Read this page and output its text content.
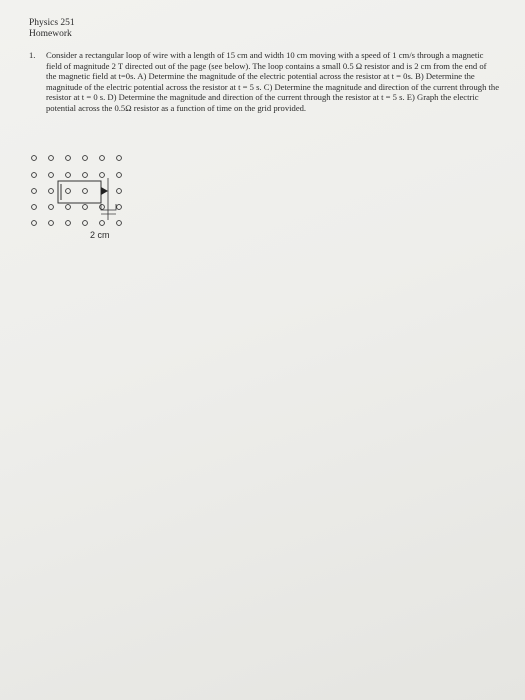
Physics 251
Homework
1. Consider a rectangular loop of wire with a length of 15 cm and width 10 cm moving with a speed of 1 cm/s through a magnetic field of magnitude 2 T directed out of the page (see below). The loop contains a small 0.5 Ω resistor and is 2 cm from the end of the magnetic field at t=0s. A) Determine the magnitude of the electric potential across the resistor at t = 0s. B) Determine the magnitude of the electric potential across the resistor at t = 5 s. C) Determine the magnitude and direction of the current through the resistor at t = 0 s. D) Determine the magnitude and direction of the current through the resistor at t = 5 s. E) Graph the electric potential across the 0.5Ω resistor as a function of time on the grid provided.
2 cm
